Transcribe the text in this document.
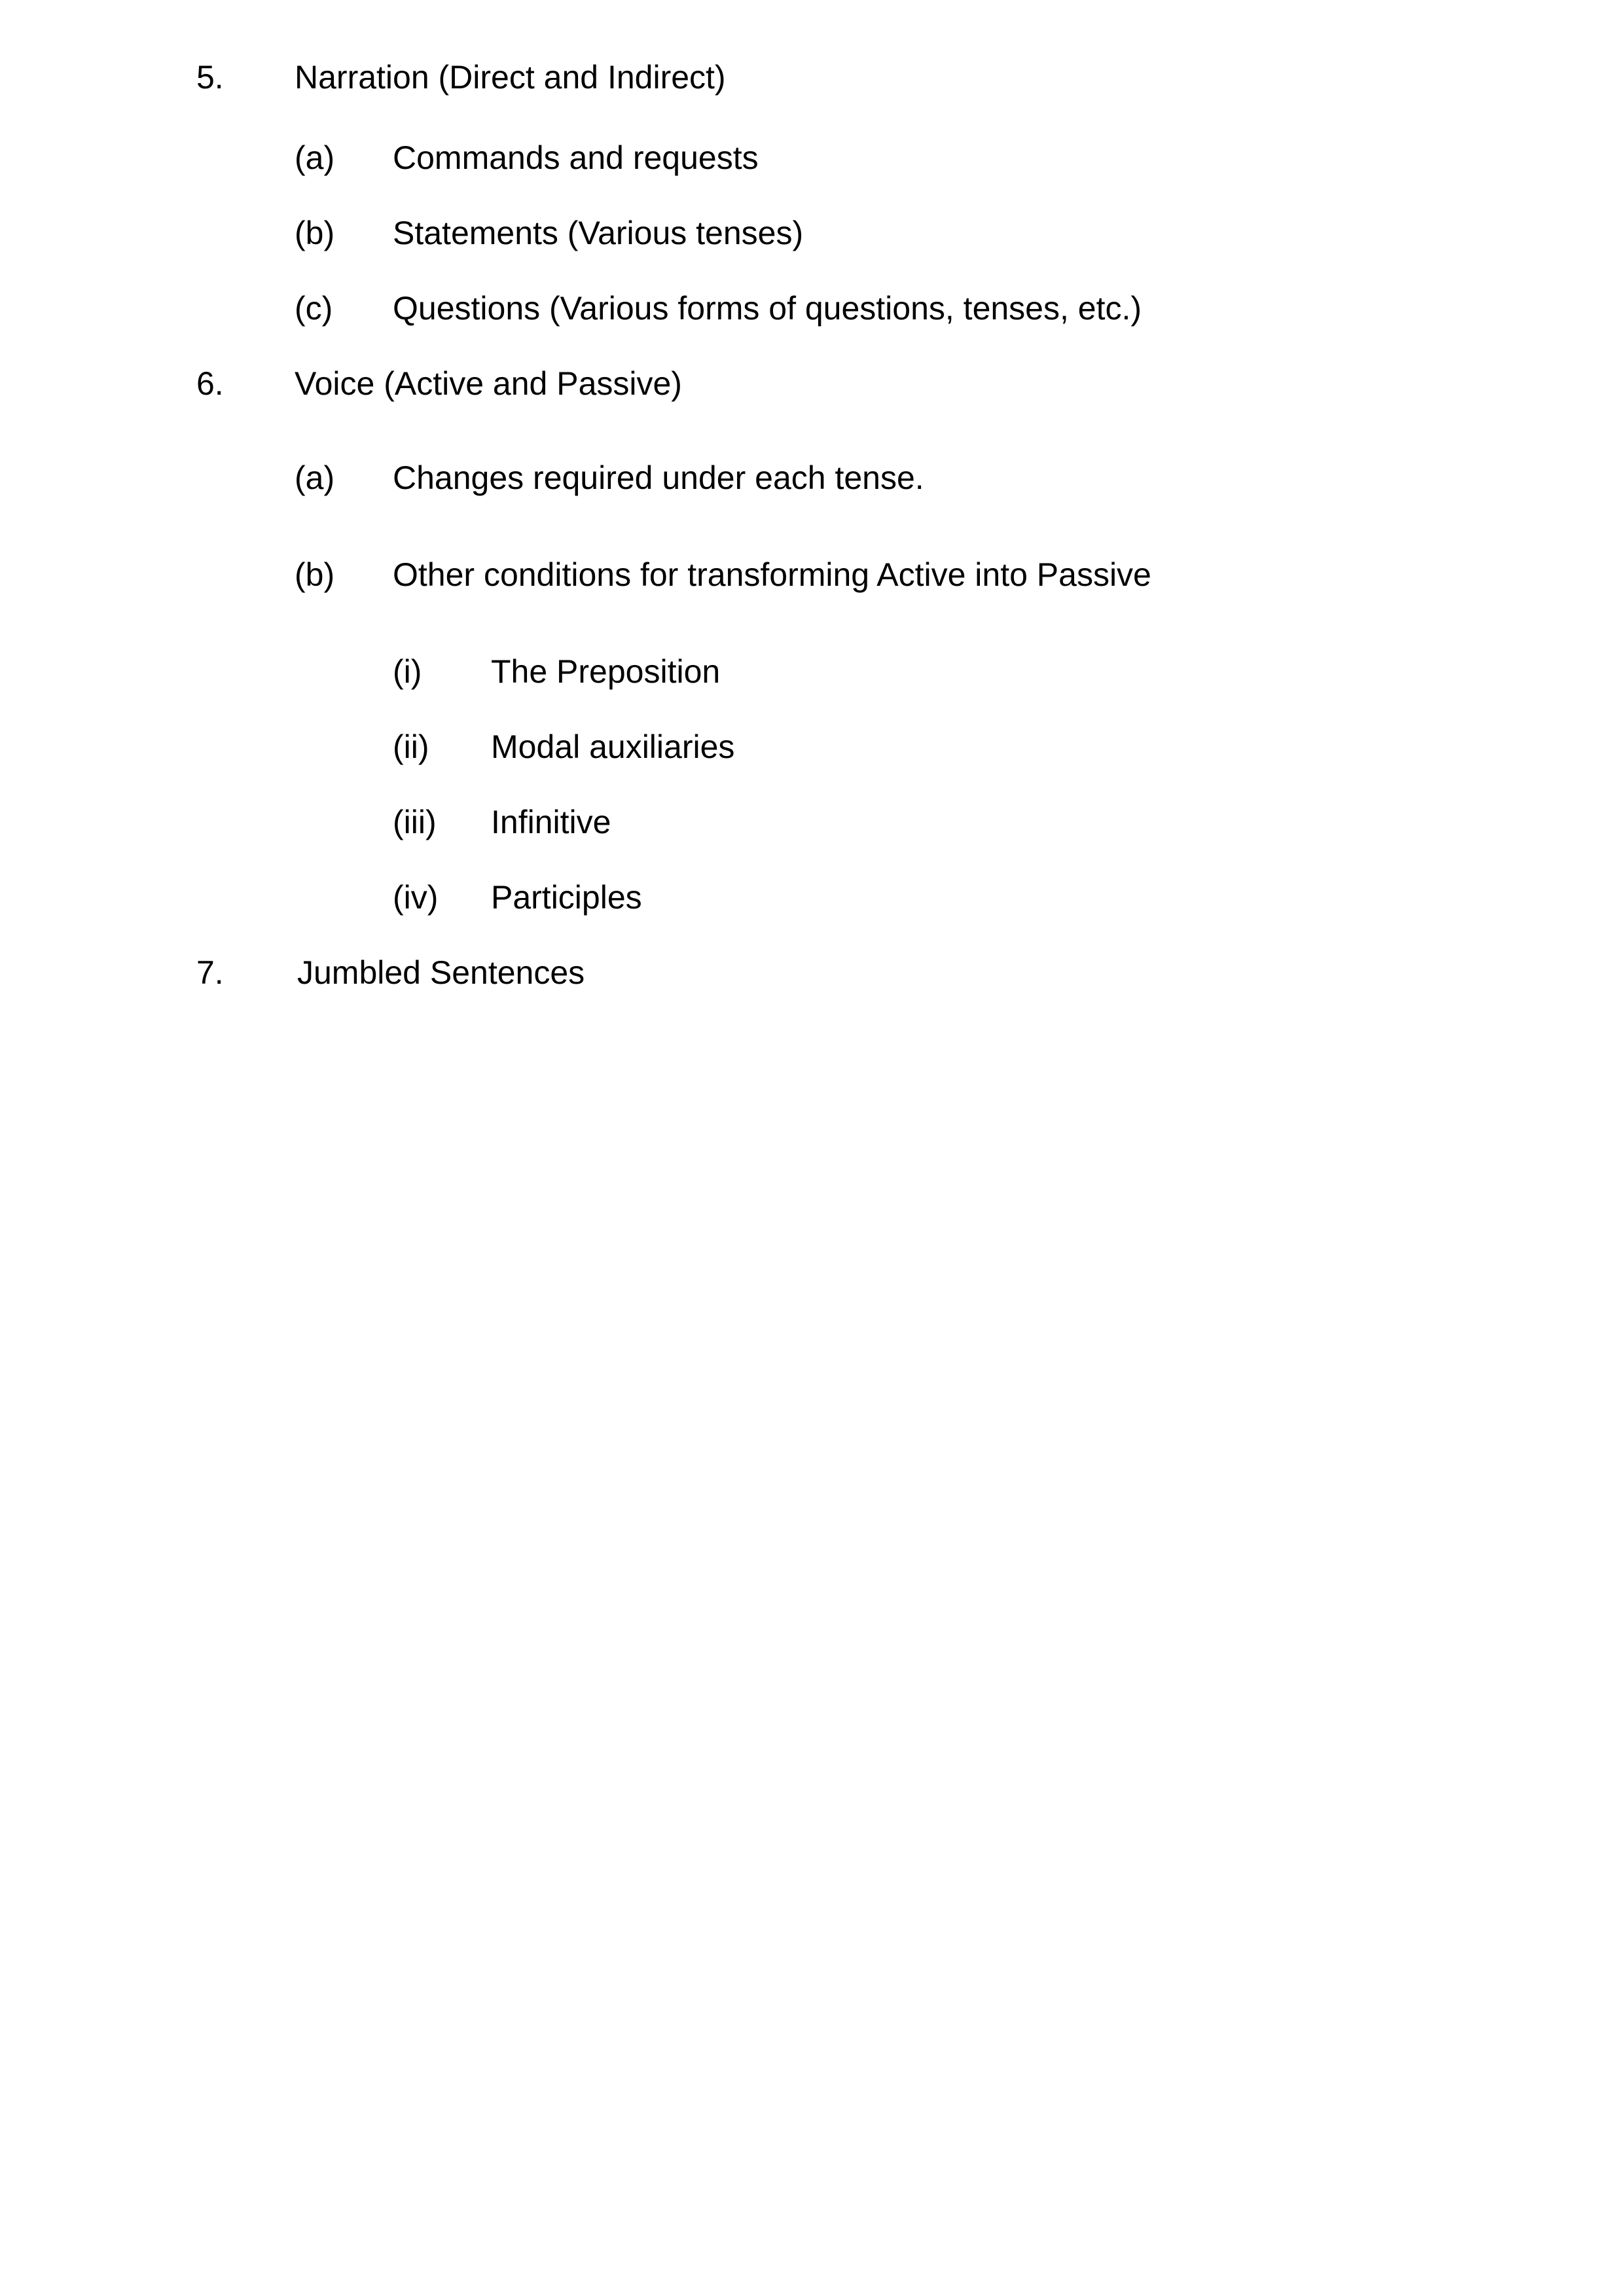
5. Narration (Direct and Indirect)
(a) Commands and requests
(b) Statements (Various tenses)
(c) Questions (Various forms of questions, tenses, etc.)
6. Voice (Active and Passive)
(a) Changes required under each tense.
(b) Other conditions for transforming Active into Passive
(i) The Preposition
(ii) Modal auxiliaries
(iii) Infinitive
(iv) Participles
7. Jumbled Sentences
